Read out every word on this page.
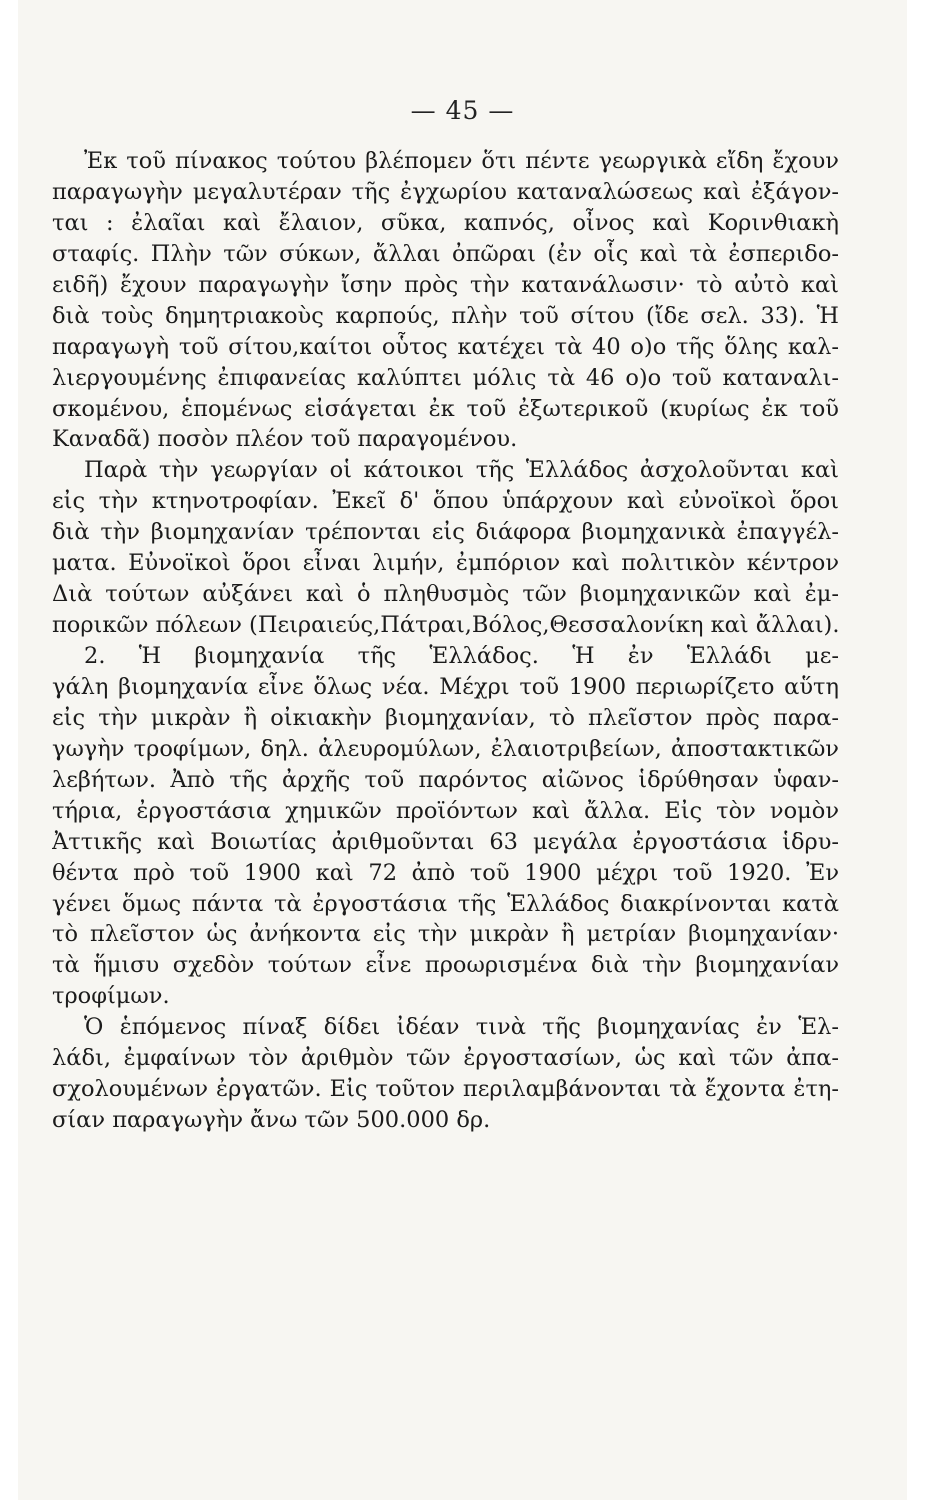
— 45 —
Ἐκ τοῦ πίνακος τούτου βλέπομεν ὅτι πέντε γεωργικὰ εἴδη ἔχουν
παραγωγὴν μεγαλυτέραν τῆς ἐγχωρίου καταναλώσεως καὶ ἐξάγον-
ται : ἐλαῖαι καὶ ἔλαιον, σῦκα, καπνός, οἶνος καὶ Κορινθιακὴ
σταφίς. Πλὴν τῶν σύκων, ἄλλαι ὀπῶραι (ἐν οἷς καὶ τὰ ἐσπεριδο-
ειδῆ) ἔχουν παραγωγὴν ἴσην πρὸς τὴν κατανάλωσιν· τὸ αὐτὸ καὶ
διὰ τοὺς δημητριακοὺς καρπούς, πλὴν τοῦ σίτου (ἴδε σελ. 33). Ἡ
παραγωγὴ τοῦ σίτου,καίτοι οὗτος κατέχει τὰ 40 ο)ο τῆς ὅλης καλ-
λιεργουμένης ἐπιφανείας καλύπτει μόλις τὰ 46 ο)ο τοῦ καταναλι-
σκομένου, ἑπομένως εἰσάγεται ἐκ τοῦ ἐξωτερικοῦ (κυρίως ἐκ τοῦ
Καναδᾶ) ποσὸν πλέον τοῦ παραγομένου.
Παρὰ τὴν γεωργίαν οἱ κάτοικοι τῆς Ἑλλάδος ἀσχολοῦνται καὶ
εἰς τὴν κτηνοτροφίαν. Ἐκεῖ δ' ὅπου ὑπάρχουν καὶ εὐνοϊκοὶ ὅροι
διὰ τὴν βιομηχανίαν τρέπονται εἰς διάφορα βιομηχανικὰ ἐπαγγέλ-
ματα. Εὐνοϊκοὶ ὅροι εἶναι λιμήν, ἐμπόριον καὶ πολιτικὸν κέντρον
Διὰ τούτων αὐξάνει καὶ ὁ πληθυσμὸς τῶν βιομηχανικῶν καὶ ἐμ-
πορικῶν πόλεων (Πειραιεύς,Πάτραι,Βόλος,Θεσσαλονίκη καὶ ἄλλαι).
2. Ἡ βιομηχανία τῆς Ἑλλάδος. Ἡ ἐν Ἑλλάδι με-
γάλη βιομηχανία εἶνε ὅλως νέα. Μέχρι τοῦ 1900 περιωρίζετο αὕτη
εἰς τὴν μικρὰν ἢ οἰκιακὴν βιομηχανίαν, τὸ πλεῖστον πρὸς παρα-
γωγὴν τροφίμων, δηλ. ἀλευρομύλων, ἐλαιοτριβείων, ἀποστακτικῶν
λεβήτων. Ἀπὸ τῆς ἀρχῆς τοῦ παρόντος αἰῶνος ἱδρύθησαν ὑφαν-
τήρια, ἐργοστάσια χημικῶν προϊόντων καὶ ἄλλα. Εἰς τὸν νομὸν
Ἀττικῆς καὶ Βοιωτίας ἀριθμοῦνται 63 μεγάλα ἐργοστάσια ἱδρυ-
θέντα πρὸ τοῦ 1900 καὶ 72 ἀπὸ τοῦ 1900 μέχρι τοῦ 1920. Ἐν
γένει ὅμως πάντα τὰ ἐργοστάσια τῆς Ἑλλάδος διακρίνονται κατὰ
τὸ πλεῖστον ὡς ἀνήκοντα εἰς τὴν μικρὰν ἢ μετρίαν βιομηχανίαν·
τὰ ἥμισυ σχεδὸν τούτων εἶνε προωρισμένα διὰ τὴν βιομηχανίαν
τροφίμων.
Ὁ ἑπόμενος πίναξ δίδει ἰδέαν τινὰ τῆς βιομηχανίας ἐν Ἑλ-
λάδι, ἐμφαίνων τὸν ἀριθμὸν τῶν ἐργοστασίων, ὡς καὶ τῶν ἀπα-
σχολουμένων ἐργατῶν. Εἰς τοῦτον περιλαμβάνονται τὰ ἔχοντα ἐτη-
σίαν παραγωγὴν ἄνω τῶν 500.000 δρ.
